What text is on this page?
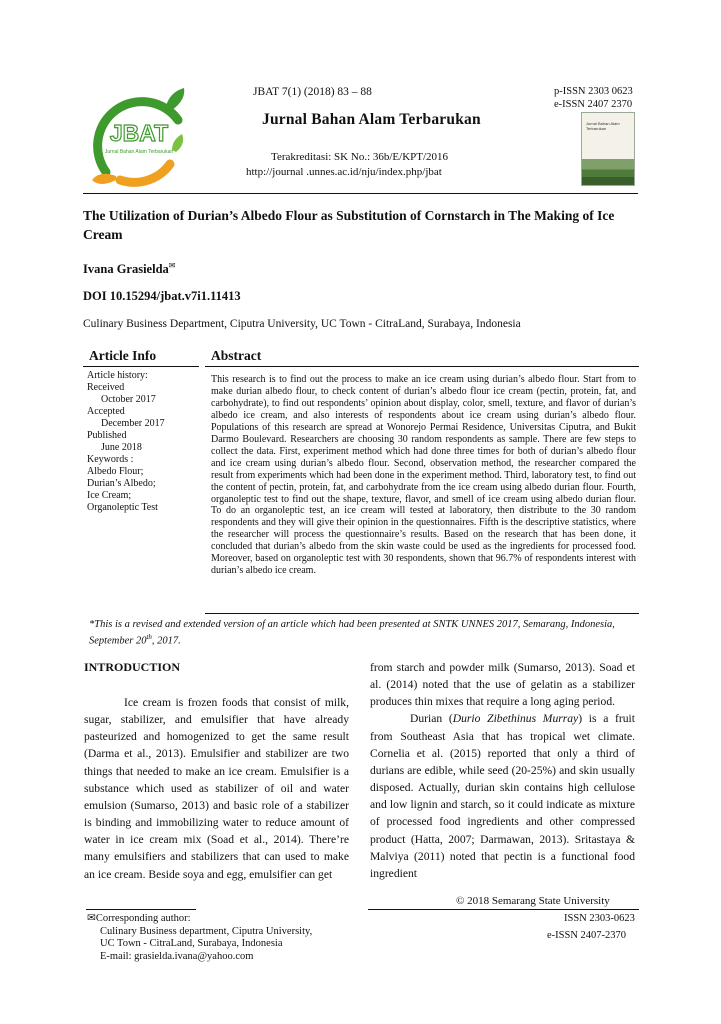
JBAT
Jurnal Bahan Alam Terbarukan
JBAT 7(1) (2018) 83 – 88	p-ISSN 2303 0623
e-ISSN 2407 2370
Jurnal Bahan Alam Terbarukan
Terakreditasi: SK No.: 36b/E/KPT/2016
http://journal .unnes.ac.id/nju/index.php/jbat
Jurnal Bahan Alam Terbarukan
The Utilization of Durian’s Albedo Flour as Substitution of Cornstarch in The Making of Ice Cream
Ivana Grasielda✉
DOI 10.15294/jbat.v7i1.11413
Culinary Business Department, Ciputra University, UC Town - CitraLand, Surabaya, Indonesia
Article Info	Abstract
Article history:
Received
October 2017
Accepted
December 2017
Published
June 2018
Keywords :
Albedo Flour;
Durian’s Albedo;
Ice Cream;
Organoleptic Test
This research is to find out the process to make an ice cream using durian’s albedo flour. Start from to make durian albedo flour, to check content of durian’s albedo flour ice cream (pectin, protein, fat, and carbohydrate), to find out respondents’ opinion about display, color, smell, texture, and flavor of durian’s albedo ice cream, and also interests of respondents about ice cream using durian’s albedo flour. Populations of this research are spread at Wonorejo Permai Residence, Universitas Ciputra, and Bukit Darmo Boulevard. Researchers are choosing 30 random respondents as sample. There are few steps to collect the data. First, experiment method which had done three times for both of durian’s albedo flour and ice cream using durian’s albedo flour. Second, observation method, the researcher compared the result from experiments which had been done in the experiment method. Third, laboratory test, to find out the content of pectin, protein, fat, and carbohydrate from the ice cream using albedo durian flour. Fourth, organoleptic test to find out the shape, texture, flavor, and smell of ice cream using albedo durian flour. To do an organoleptic test, an ice cream will tested at laboratory, then distribute to the 30 random respondents and they will give their opinion in the questionnaires. Fifth is the descriptive statistics, where the researcher will process the questionnaire’s results. Based on the research that has been done, it concluded that durian’s albedo from the skin waste could be used as the ingredients for processed food. Moreover, based on organoleptic test with 30 respondents, shown that 96.7% of respondents interest with durian’s albedo ice cream.
*This is a revised and extended version of an article which had been presented at SNTK UNNES 2017, Semarang, Indonesia, September 20th, 2017.
INTRODUCTION

Ice cream is frozen foods that consist of milk, sugar, stabilizer, and emulsifier that have already pasteurized and homogenized to get the same result (Darma et al., 2013). Emulsifier and stabilizer are two things that needed to make an ice cream. Emulsifier is a substance which used as stabilizer of oil and water emulsion (Sumarso, 2013) and basic role of a stabilizer is binding and immobilizing water to reduce amount of water in ice cream mix (Soad et al., 2014). There’re many emulsifiers and stabilizers that can used to make an ice cream. Beside soya and egg, emulsifier can get

from starch and powder milk (Sumarso, 2013). Soad et al. (2014) noted that the use of gelatin as a stabilizer produces thin mixes that require a long aging period.

Durian (Durio Zibethinus Murray) is a fruit from Southeast Asia that has tropical wet climate. Cornelia et al. (2015) reported that only a third of durians are edible, while seed (20-25%) and skin usually disposed. Actually, durian skin contains high cellulose and low lignin and starch, so it could indicate as mixture of processed food ingredients and other compressed product (Hatta, 2007; Darmawan, 2013). Sritastaya & Malviya (2011) noted that pectin is a functional food ingredient

© 2018 Semarang State University
✉Corresponding author:
Culinary Business department, Ciputra University,
UC Town - CitraLand, Surabaya, Indonesia
E-mail: grasielda.ivana@yahoo.com
ISSN 2303-0623
e-ISSN 2407-2370
